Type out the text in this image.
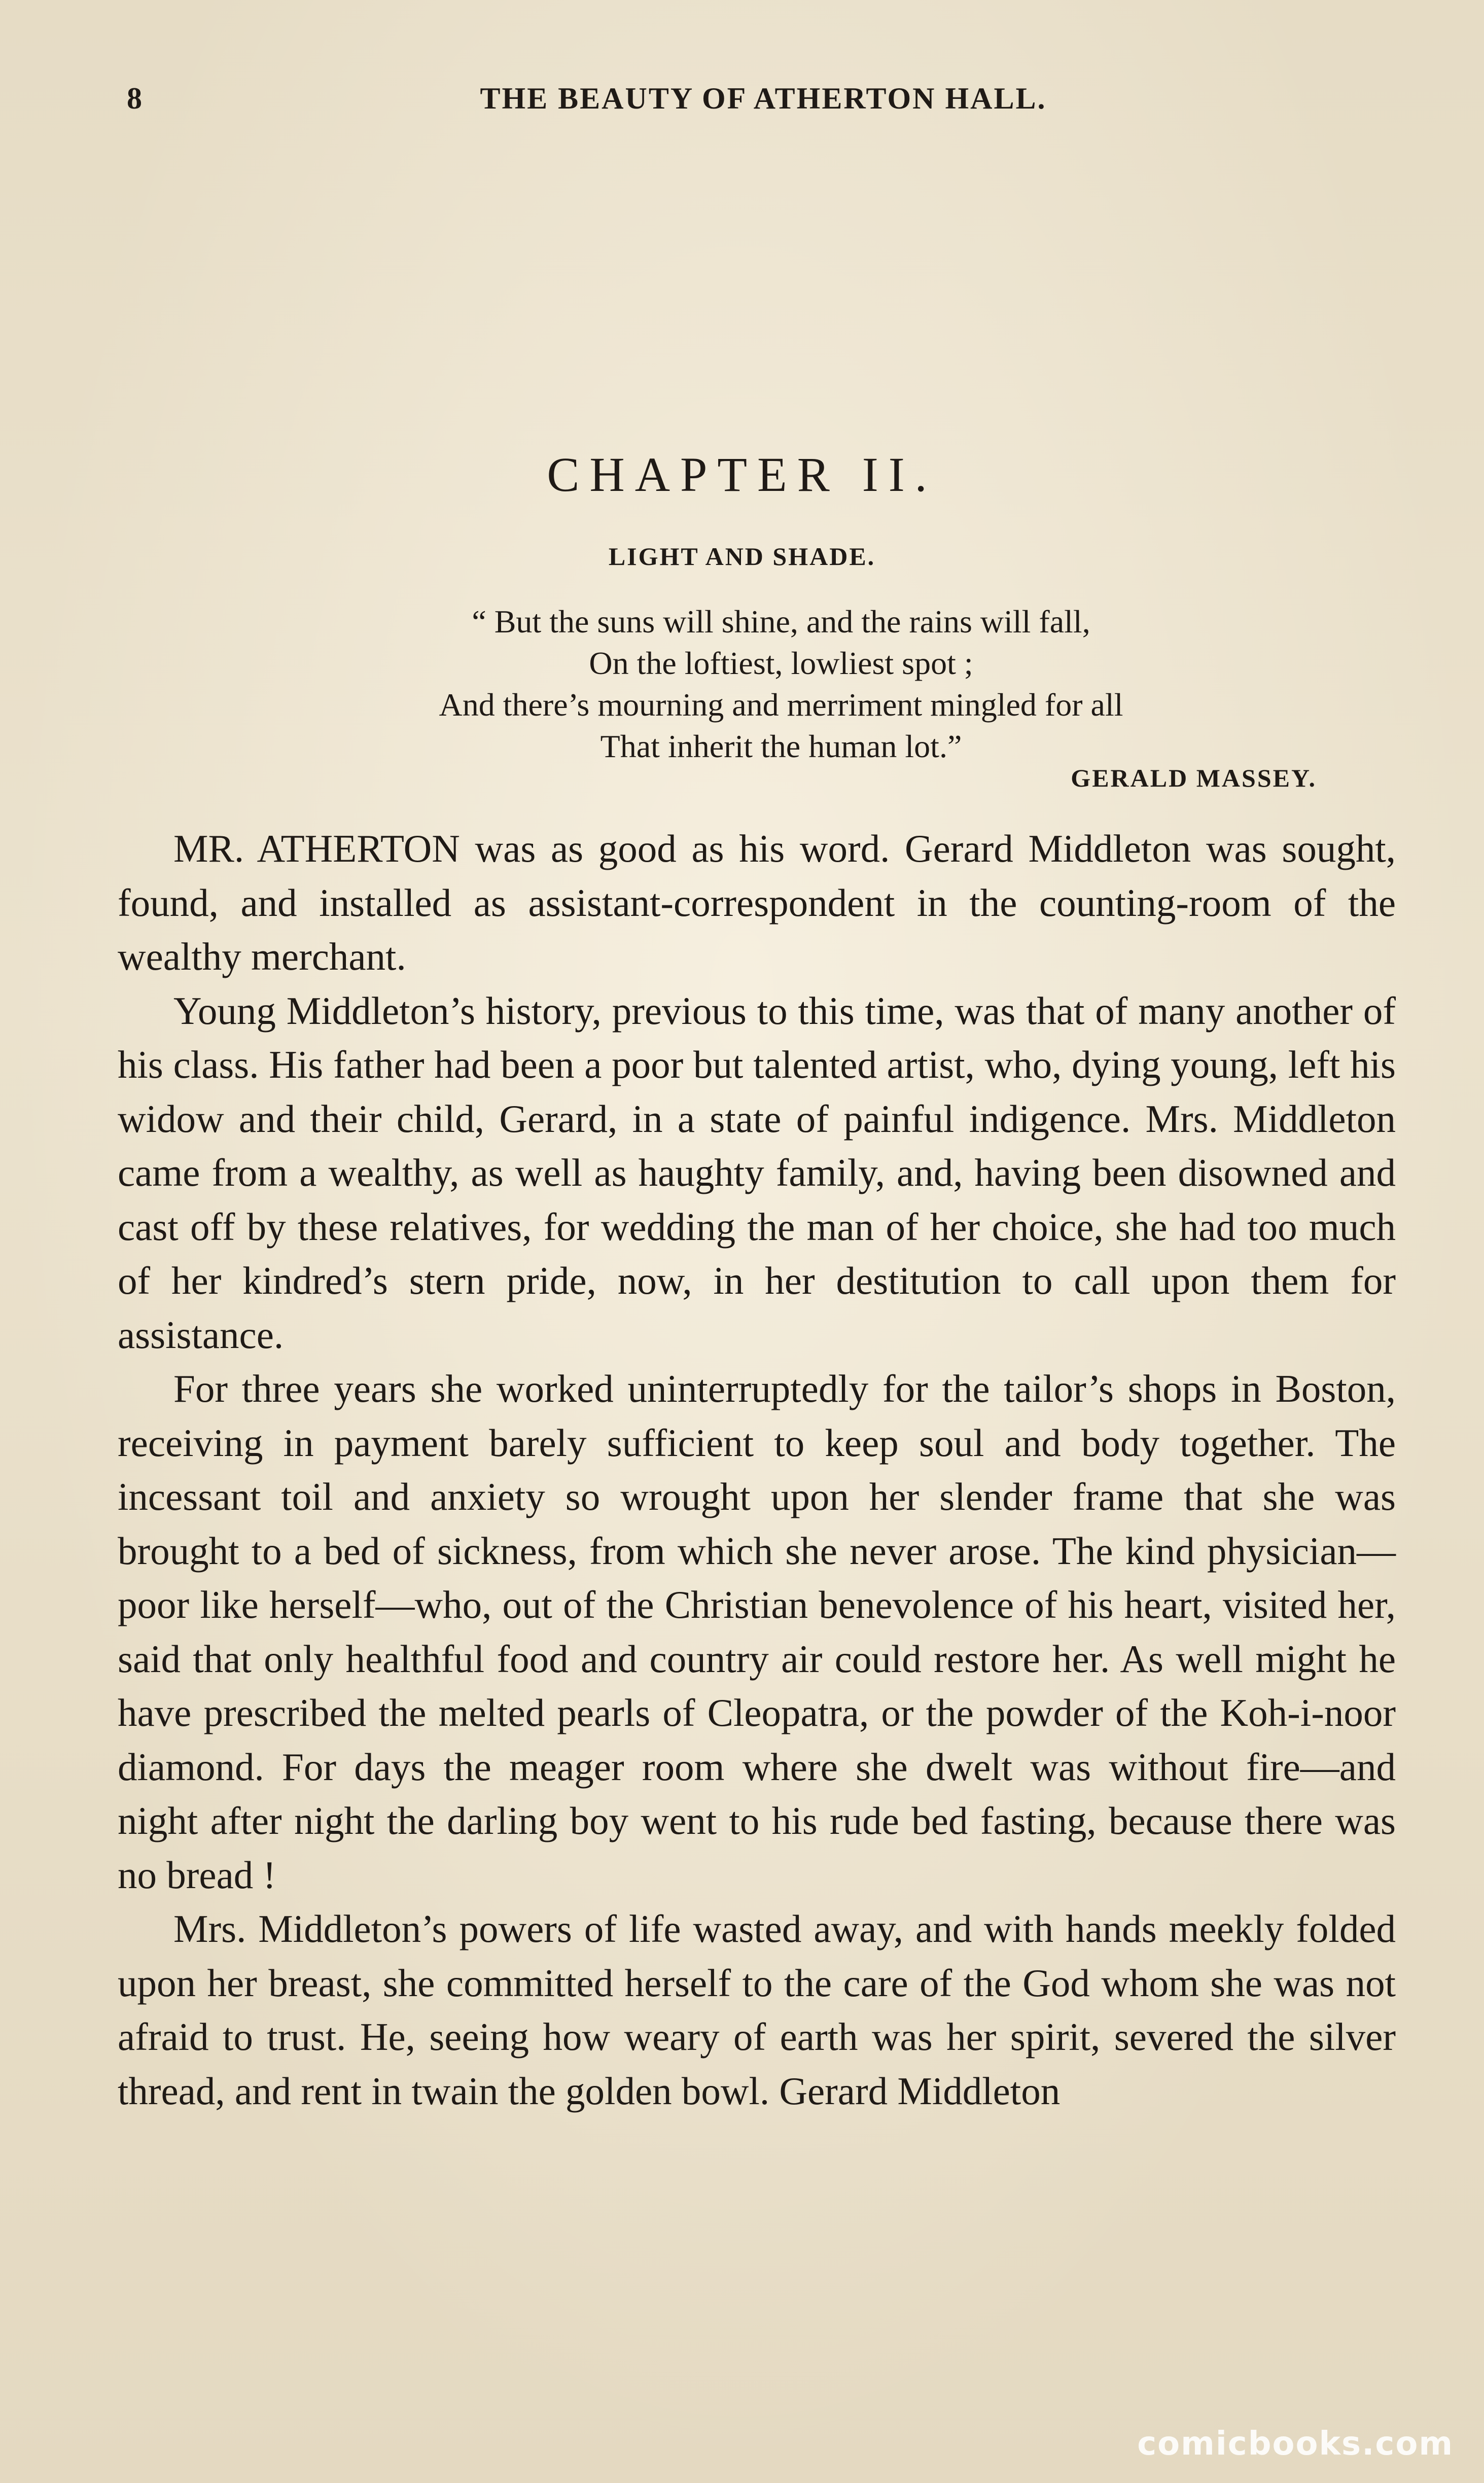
8	THE BEAUTY OF ATHERTON HALL.
CHAPTER II.
LIGHT AND SHADE.
“ But the suns will shine, and the rains will fall,
On the loftiest, lowliest spot ;
And there’s mourning and merriment mingled for all
That inherit the human lot.”
GERALD MASSEY.

MR. ATHERTON was as good as his word. Gerard Middleton was sought, found, and installed as assistant-correspondent in the counting-room of the wealthy merchant.

Young Middleton’s history, previous to this time, was that of many another of his class. His father had been a poor but talented artist, who, dying young, left his widow and their child, Gerard, in a state of painful indigence. Mrs. Middleton came from a wealthy, as well as haughty family, and, having been disowned and cast off by these relatives, for wedding the man of her choice, she had too much of her kindred’s stern pride, now, in her destitution to call upon them for assistance.

For three years she worked uninterruptedly for the tailor’s shops in Boston, receiving in payment barely sufficient to keep soul and body together. The incessant toil and anxiety so wrought upon her slender frame that she was brought to a bed of sickness, from which she never arose. The kind physician—poor like herself—who, out of the Christian benevolence of his heart, visited her, said that only healthful food and country air could restore her. As well might he have prescribed the melted pearls of Cleopatra, or the powder of the Koh-i-noor diamond. For days the meager room where she dwelt was without fire—and night after night the darling boy went to his rude bed fasting, because there was no bread !

Mrs. Middleton’s powers of life wasted away, and with hands meekly folded upon her breast, she committed herself to the care of the God whom she was not afraid to trust. He, seeing how weary of earth was her spirit, severed the silver thread, and rent in twain the golden bowl. Gerard Middleton

comicbooks.com
